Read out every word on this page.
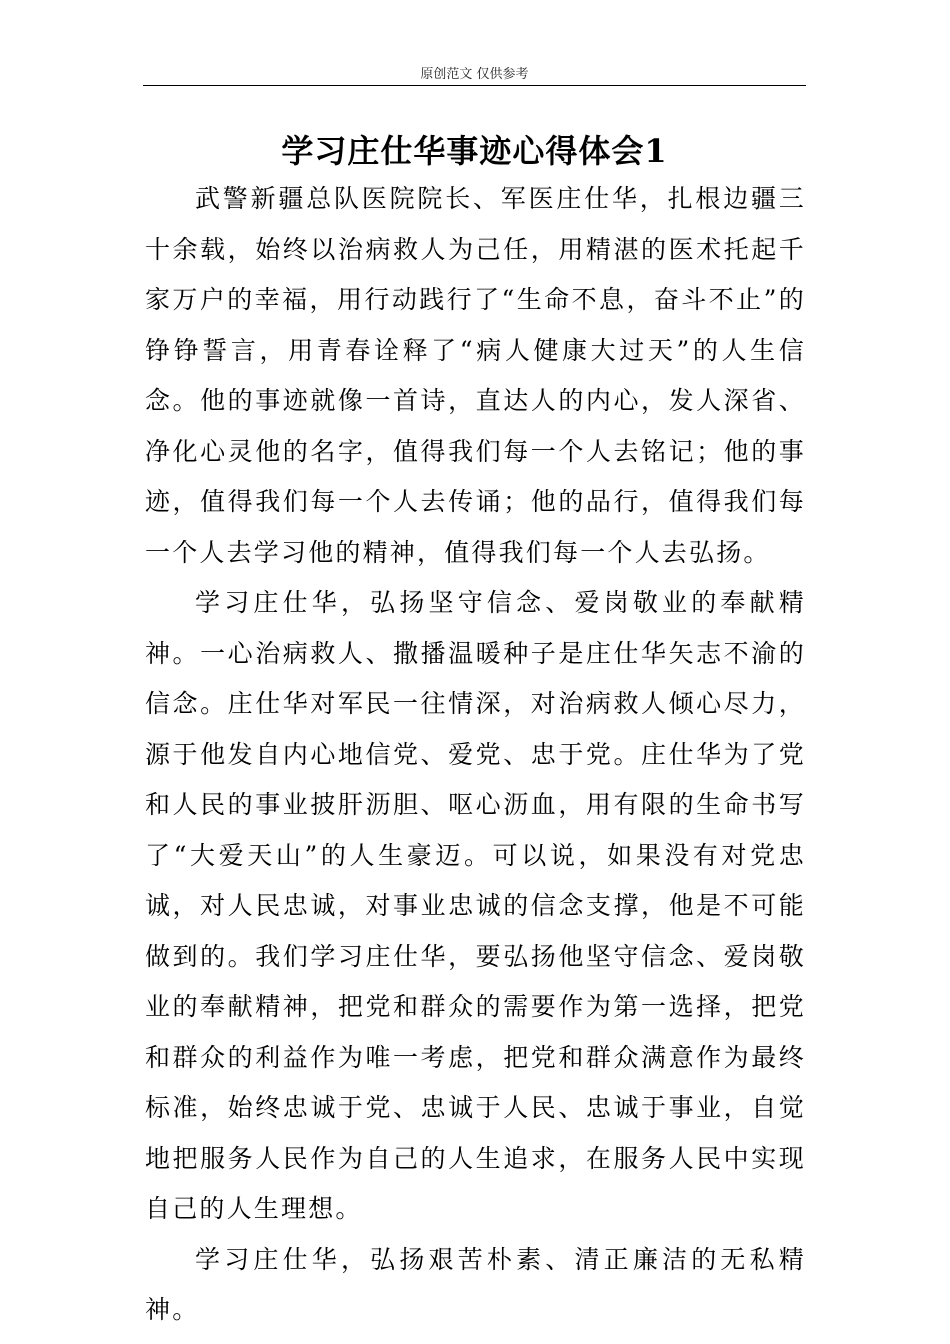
原创范文 仅供参考
学习庄仕华事迹心得体会1

武警新疆总队医院院长、军医庄仕华，扎根边疆三十余载，始终以治病救人为己任，用精湛的医术托起千家万户的幸福，用行动践行了“生命不息，奋斗不止”的铮铮誓言，用青春诠释了“病人健康大过天”的人生信念。他的事迹就像一首诗，直达人的内心，发人深省、净化心灵他的名字，值得我们每一个人去铭记；他的事迹，值得我们每一个人去传诵；他的品行，值得我们每一个人去学习他的精神，值得我们每一个人去弘扬。

学习庄仕华，弘扬坚守信念、爱岗敬业的奉献精神。一心治病救人、撒播温暖种子是庄仕华矢志不渝的信念。庄仕华对军民一往情深，对治病救人倾心尽力，源于他发自内心地信党、爱党、忠于党。庄仕华为了党和人民的事业披肝沥胆、呕心沥血，用有限的生命书写了“大爱天山”的人生豪迈。可以说，如果没有对党忠诚，对人民忠诚，对事业忠诚的信念支撑，他是不可能做到的。我们学习庄仕华，要弘扬他坚守信念、爱岗敬业的奉献精神，把党和群众的需要作为第一选择，把党和群众的利益作为唯一考虑，把党和群众满意作为最终标准，始终忠诚于党、忠诚于人民、忠诚于事业，自觉地把服务人民作为自己的人生追求，在服务人民中实现自己的人生理想。

学习庄仕华，弘扬艰苦朴素、清正廉洁的无私精神。
